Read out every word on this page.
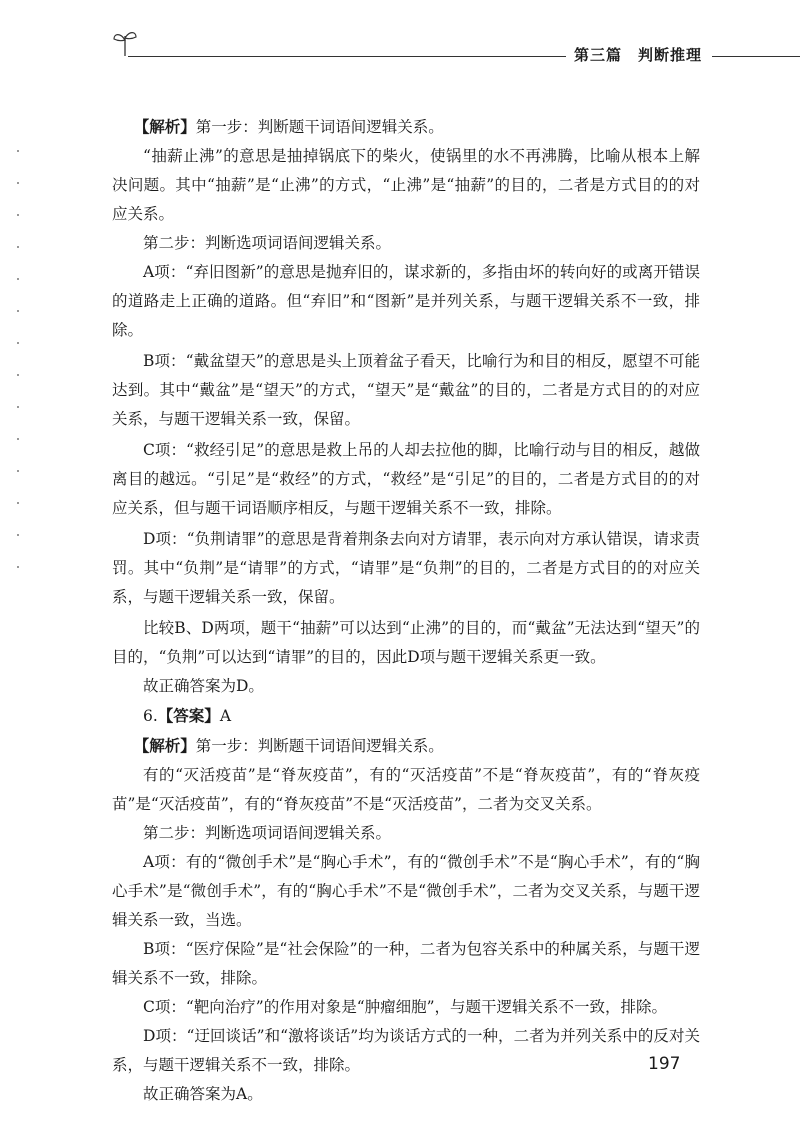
第三篇　判断推理

【解析】第一步：判断题干词语间逻辑关系。

“抽薪止沸”的意思是抽掉锅底下的柴火，使锅里的水不再沸腾，比喻从根本上解决问题。其中“抽薪”是“止沸”的方式，“止沸”是“抽薪”的目的，二者是方式目的的对应关系。

第二步：判断选项词语间逻辑关系。

A项：“弃旧图新”的意思是抛弃旧的，谋求新的，多指由坏的转向好的或离开错误的道路走上正确的道路。但“弃旧”和“图新”是并列关系，与题干逻辑关系不一致，排除。

B项：“戴盆望天”的意思是头上顶着盆子看天，比喻行为和目的相反，愿望不可能达到。其中“戴盆”是“望天”的方式，“望天”是“戴盆”的目的，二者是方式目的的对应关系，与题干逻辑关系一致，保留。

C项：“救经引足”的意思是救上吊的人却去拉他的脚，比喻行动与目的相反，越做离目的越远。“引足”是“救经”的方式，“救经”是“引足”的目的，二者是方式目的的对应关系，但与题干词语顺序相反，与题干逻辑关系不一致，排除。

D项：“负荆请罪”的意思是背着荆条去向对方请罪，表示向对方承认错误，请求责罚。其中“负荆”是“请罪”的方式，“请罪”是“负荆”的目的，二者是方式目的的对应关系，与题干逻辑关系一致，保留。

比较B、D两项，题干“抽薪”可以达到“止沸”的目的，而“戴盆”无法达到“望天”的目的，“负荆”可以达到“请罪”的目的，因此D项与题干逻辑关系更一致。

故正确答案为D。

6.【答案】A

【解析】第一步：判断题干词语间逻辑关系。

有的“灭活疫苗”是“脊灰疫苗”，有的“灭活疫苗”不是“脊灰疫苗”，有的“脊灰疫苗”是“灭活疫苗”，有的“脊灰疫苗”不是“灭活疫苗”，二者为交叉关系。

第二步：判断选项词语间逻辑关系。

A项：有的“微创手术”是“胸心手术”，有的“微创手术”不是“胸心手术”，有的“胸心手术”是“微创手术”，有的“胸心手术”不是“微创手术”，二者为交叉关系，与题干逻辑关系一致，当选。

B项：“医疗保险”是“社会保险”的一种，二者为包容关系中的种属关系，与题干逻辑关系不一致，排除。

C项：“靶向治疗”的作用对象是“肿瘤细胞”，与题干逻辑关系不一致，排除。

D项：“迂回谈话”和“激将谈话”均为谈话方式的一种，二者为并列关系中的反对关系，与题干逻辑关系不一致，排除。

故正确答案为A。

197
